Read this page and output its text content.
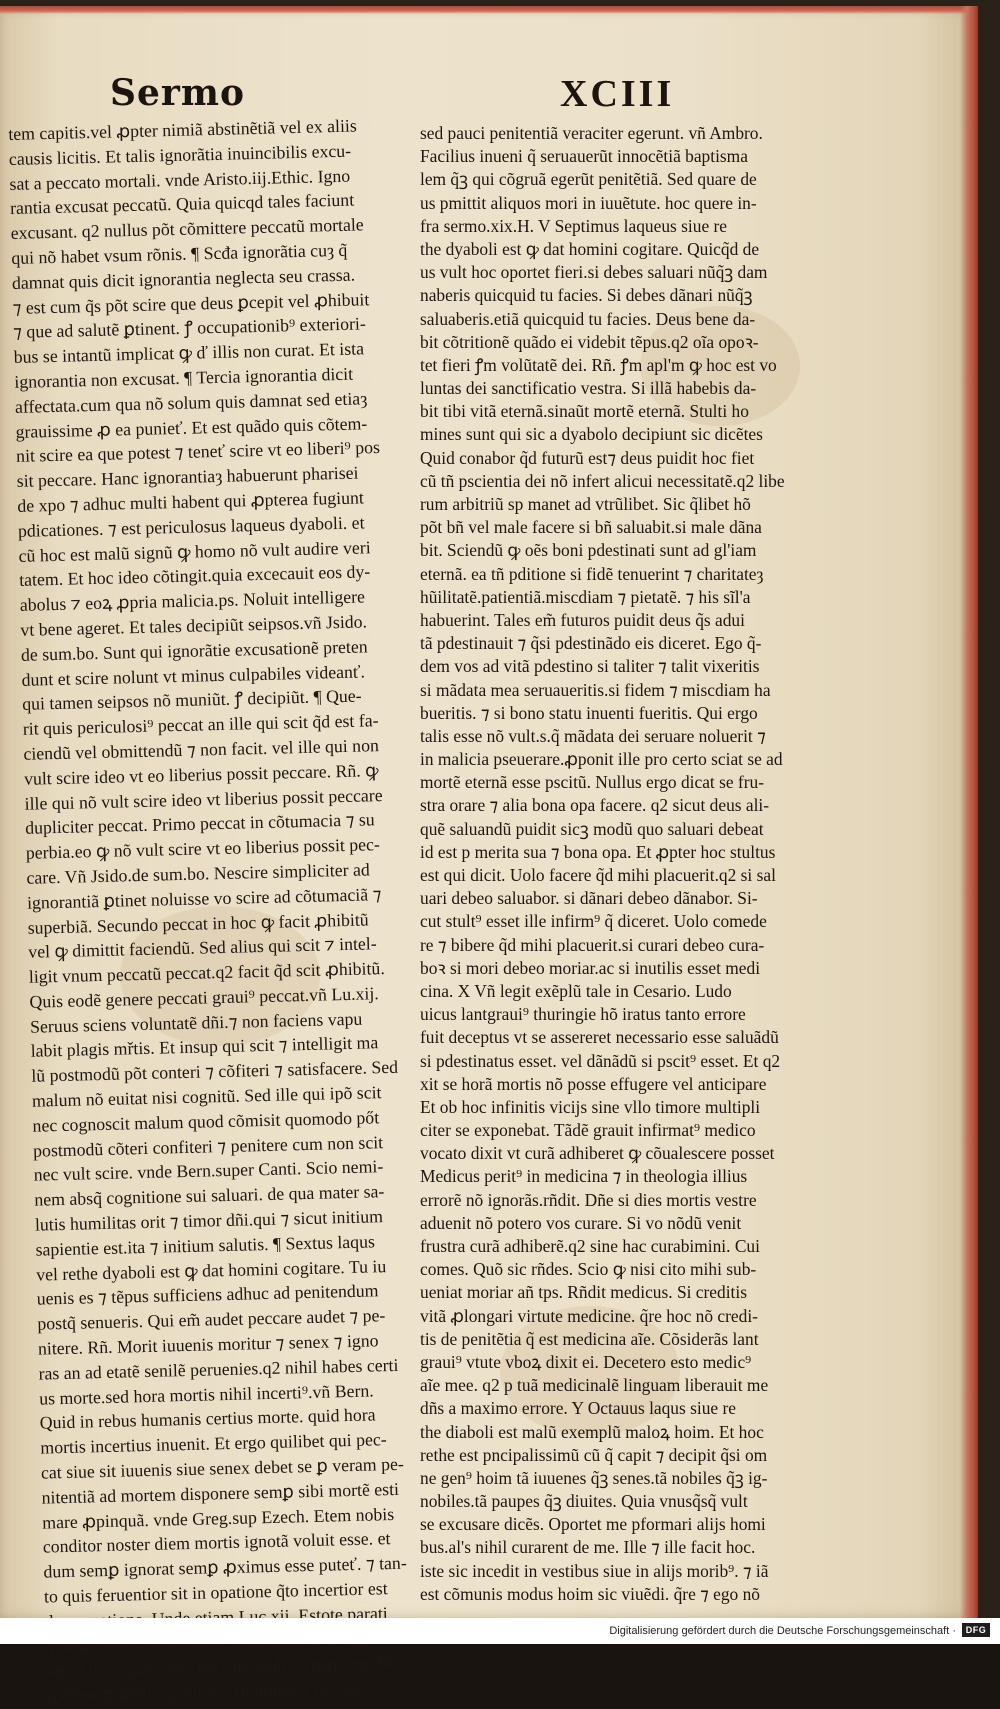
Sermo	XCIII
tem capitis.vel ꝓpter nimiã abstinẽtiã vel ex aliis
causis licitis. Et talis ignorãtia inuincibilis excu-
sat a peccato mortali. vnde Aristo.iij.Ethic. Igno
rantia excusat peccatũ. Quia quicqd tales faciunt
excusant. q2 nullus põt cõmittere peccatũ mortale
qui nõ habet vsum rõnis. ¶ Scđa ignorãtia cuȝ q̃
damnat quis dicit ignorantia neglecta seu crassa.
⁊ est cum q̃s põt scire que deus ꝑcepit vel ꝓhibuit
⁊ que ad salutẽ ꝑtinent. ꝭ occupationib⁹ exteriori-
bus se intantũ implicat ꝙ ď illis non curat. Et ista
ignorantia non excusat. ¶ Tercia ignorantia dicit
affectata.cum qua nõ solum quis damnat sed etiaȝ
grauissime ꝓ ea punieť. Et est quãdo quis cõtem-
nit scire ea que potest ⁊ teneť scire vt eo liberi⁹ pos
sit peccare. Hanc ignorantiaȝ habuerunt pharisei
de xpo ⁊ adhuc multi habent qui ꝓpterea fugiunt
pdicationes. ⁊ est periculosus laqueus dyaboli. et
cũ hoc est malũ signũ ꝙ homo nõ vult audire veri
tatem. Et hoc ideo cõtingit.quia excecauit eos dy-
abolus ⁊ eoꝝ ꝓpria malicia.ps. Noluit intelligere
vt bene ageret. Et tales decipiũt seipsos.vñ Jsido.
de sum.bo. Sunt qui ignorãtie excusationẽ preten
dunt et scire nolunt vt minus culpabiles videanť.
qui tamen seipsos nõ muniũt. ꝭ decipiũt. ¶ Que-
rit quis periculosi⁹ peccat an ille qui scit q̃d est fa-
ciendũ vel obmittendũ ⁊ non facit. vel ille qui non
vult scire ideo vt eo liberius possit peccare. Rñ. ꝙ
ille qui nõ vult scire ideo vt liberius possit peccare
dupliciter peccat. Primo peccat in cõtumacia ⁊ su
perbia.eo ꝙ nõ vult scire vt eo liberius possit pec-
care. Vñ Jsido.de sum.bo. Nescire simpliciter ad
ignorantiã ꝑtinet noluisse vo scire ad cõtumaciã ⁊
superbiã. Secundo peccat in hoc ꝙ facit ꝓhibitũ
vel ꝙ dimittit faciendũ. Sed alius qui scit ⁊ intel-
ligit vnum peccatũ peccat.q2 facit q̃d scit ꝓhibitũ.
Quis eodẽ genere peccati graui⁹ peccat.vñ Lu.xij.
Seruus sciens voluntatẽ dñi.⁊ non faciens vapu
labit plagis mřtis. Et insup qui scit ⁊ intelligit ma
lũ postmodũ põt conteri ⁊ cõfiteri ⁊ satisfacere. Sed
malum nõ euitat nisi cognitũ. Sed ille qui ipõ scit
nec cognoscit malum quod cõmisit quomodo pőt
postmodũ cõteri confiteri ⁊ penitere cum non scit
nec vult scire. vnde Bern.super Canti. Scio nemi-
nem absq̃ cognitione sui saluari. de qua mater sa-
lutis humilitas orit ⁊ timor dñi.qui ⁊ sicut initium
sapientie est.ita ⁊ initium salutis. ¶ Sextus laqus
vel rethe dyaboli est ꝙ dat homini cogitare. Tu iu
uenis es ⁊ tẽpus sufficiens adhuc ad penitendum
postq̃ senueris. Qui em̃ audet peccare audet ⁊ pe-
nitere. Rñ. Morit iuuenis moritur ⁊ senex ⁊ igno
ras an ad etatẽ senilẽ peruenies.q2 nihil habes certi
us morte.sed hora mortis nihil incerti⁹.vñ Bern.
Quid in rebus humanis certius morte. quid hora
mortis incertius inuenit. Et ergo quilibet qui pec-
cat siue sit iuuenis siue senex debet se ꝑ veram pe-
nitentiã ad mortem disponere semꝑ sibi mortẽ esti
mare ꝓpinquã. vnde Greg.sup Ezech. Etem nobis
conditor noster diem mortis ignotã voluit esse. et
dum semꝑ ignorat semꝑ ꝓximus esse puteť. ⁊ tan-
to quis feruentior sit in opatione q̃to incertior est
super dicis.qui audet peccare audet ⁊ penitere. Re
spõdeo ꝙ multi grauiter ⁊ multiplicit peccauerũt.
sed pauci penitentiã veraciter egerunt. vñ Ambro.
Facilius inueni q̃ seruauerũt innocẽtiã baptisma
lem q̃ꝫ qui cõgruã egerũt penitẽtiã. Sed quare de
us pmittit aliquos mori in iuuẽtute. hoc quere in-
fra sermo.xix.H. V Septimus laqueus siue re
the dyaboli est ꝙ dat homini cogitare. Quicq̃d de
us vult hoc oportet fieri.si debes saluari nũq̃ꝫ dam
naberis quicquid tu facies. Si debes dãnari nũq̃ꝫ
saluaberis.etiã quicquid tu facies. Deus bene da-
bit cõtritionẽ quãdo ei videbit tẽpus.q2 oĩa opoꝛ-
tet fieri ꝭm volũtatẽ dei. Rñ. ꝭm apl'm ꝙ hoc est vo
luntas dei sanctificatio vestra. Si illã habebis da-
bit tibi vitã eternã.sinaũt mortẽ eternã. Stulti ho
mines sunt qui sic a dyabolo decipiunt sic dicẽtes
Quid conabor q̃d futurũ est⁊ deus puidit hoc fiet
cũ tñ pscientia dei nõ infert alicui necessitatẽ.q2 libe
rum arbitriũ sp manet ad vtrũlibet. Sic q̃libet hõ
põt bñ vel male facere si bñ saluabit.si male dãna
bit. Sciendũ ꝙ oẽs boni pdestinati sunt ad gl'iam
eternã. ea tñ pditione si fidẽ tenuerint ⁊ charitateȝ
hũilitatẽ.patientiã.miscdiam ⁊ pietatẽ. ⁊ his sĩl'a
habuerint. Tales em̃ futuros puidit deus q̃s adui
tã pdestinauit ⁊ q̃si pdestinãdo eis diceret. Ego q̃-
dem vos ad vitã pdestino si taliter ⁊ talit vixeritis
si mãdata mea seruaueritis.si fidem ⁊ miscdiam ha
bueritis. ⁊ si bono statu inuenti fueritis. Qui ergo
talis esse nõ vult.s.q̃ mãdata dei seruare noluerit ⁊
in malicia pseuerare.ꝓponit ille pro certo sciat se ad
mortẽ eternã esse pscitũ. Nullus ergo dicat se fru-
stra orare ⁊ alia bona opa facere. q2 sicut deus ali-
quẽ saluandũ puidit sicꝫ modũ quo saluari debeat
id est p merita sua ⁊ bona opa. Et ꝓpter hoc stultus
est qui dicit. Uolo facere q̃d mihi placuerit.q2 si sal
uari debeo saluabor. si dãnari debeo dãnabor. Si-
cut stult⁹ esset ille infirm⁹ q̃ diceret. Uolo comede
re ⁊ bibere q̃d mihi placuerit.si curari debeo cura-
boꝛ si mori debeo moriar.ac si inutilis esset medi
cina. X Vñ legit exẽplũ tale in Cesario. Ludo
uicus lantgraui⁹ thuringie hõ iratus tanto errore
fuit deceptus vt se assereret necessario esse saluãdũ
si pdestinatus esset. vel dãnãdũ si pscit⁹ esset. Et q2
xit se horã mortis nõ posse effugere vel anticipare
Et ob hoc infinitis vicijs sine vllo timore multipli
citer se exponebat. Tãdẽ grauit infirmat⁹ medico
vocato dixit vt curã adhiberet ꝙ cõualescere posset
Medicus perit⁹ in medicina ⁊ in theologia illius
errorẽ nõ ignorãs.rñdit. Dñe si dies mortis vestre
aduenit nõ potero vos curare. Si vo nõdũ venit
frustra curã adhiberẽ.q2 sine hac curabimini. Cui
comes. Quõ sic rñdes. Scio ꝙ nisi cito mihi sub-
ueniat moriar añ tps. Rñdit medicus. Si creditis
vitã ꝓlongari virtute medicine. q̃re hoc nõ credi-
tis de penitẽtia q̃ est medicina aĩe. Cõsiderãs lant
graui⁹ vtute vboꝝ dixit ei. Decetero esto medic⁹
aĩe mee. q2 p tuã medicinalẽ linguam liberauit me
dñs a maximo errore. Y Octauus laqus siue re
the diaboli est malũ exemplũ maloꝝ hoim. Et hoc
rethe est pncipalissimũ cũ q̃ capit ⁊ decipit q̃si om
ne gen⁹ hoim tã iuuenes q̃ꝫ senes.tã nobiles q̃ꝫ ig-
nobiles.tã paupes q̃ꝫ diuites. Quia vnusq̃sq̃ vult
se excusare dicẽs. Oportet me pformari alijs homi
bus.al's nihil curarent de me. Ille ⁊ ille facit hoc.
iste sic incedit in vestibus siue in alijs morib⁹. ⁊ iã
est cõmunis modus hoim sic viuẽdi. q̃re ⁊ ego nõ
Digitalisierung gefördert durch die Deutsche Forschungsgemeinschaft ·	DFG
